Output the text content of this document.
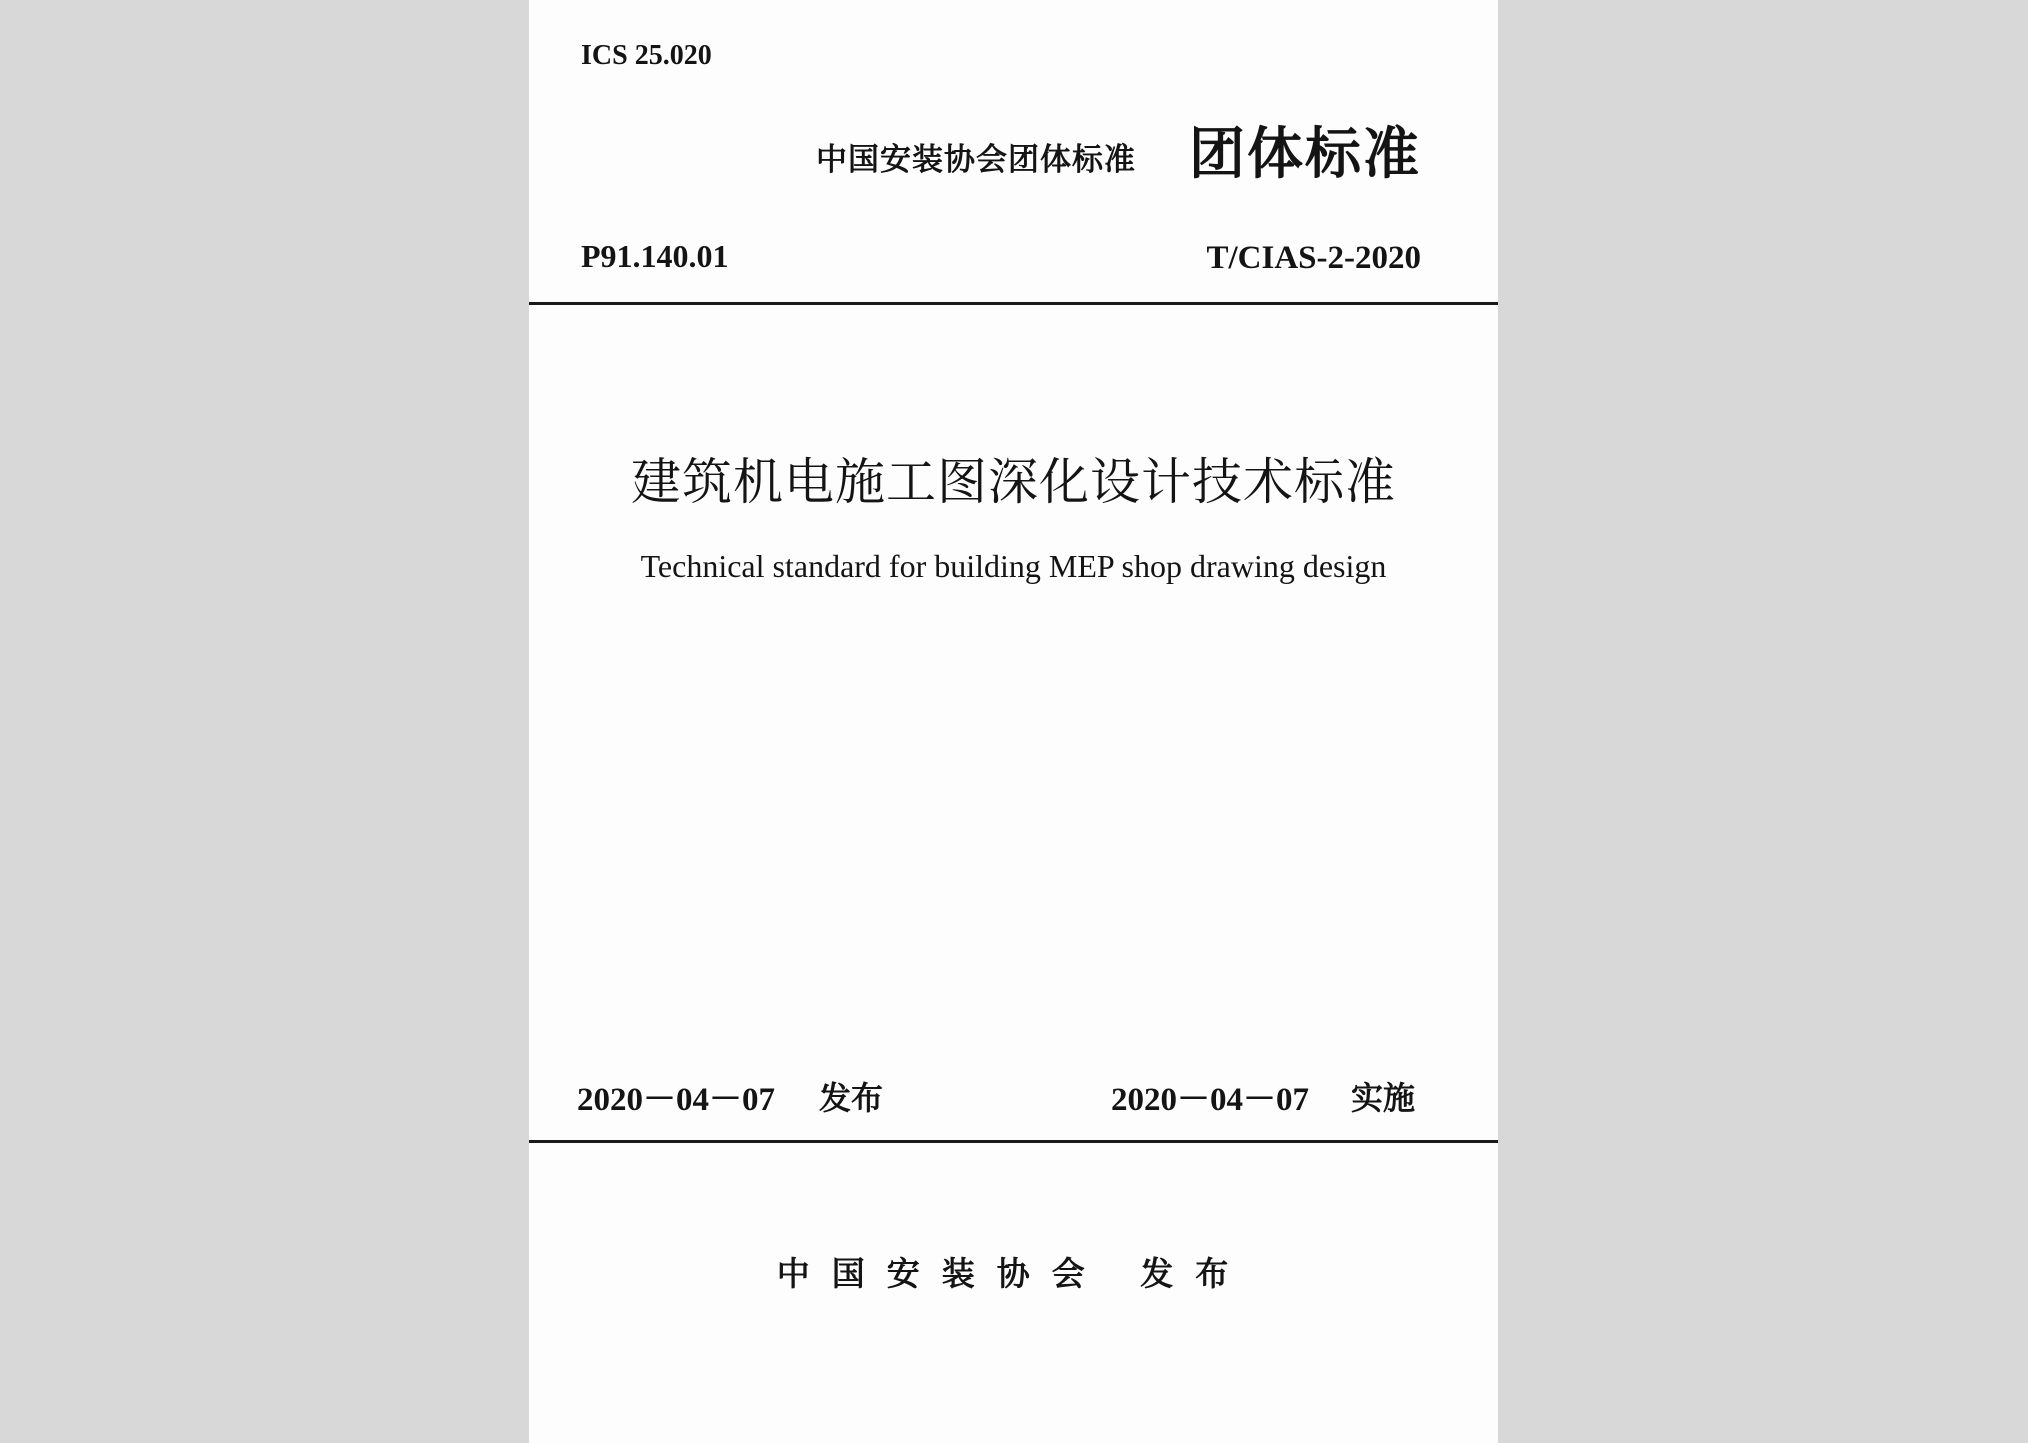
ICS 25.020
中国安装协会团体标准 团体标准
P91.140.01	T/CIAS-2-2020
建筑机电施工图深化设计技术标准
Technical standard for building MEP shop drawing design
2020－04－07 发布	2020－04－07 实施
中国安装协会 发布
